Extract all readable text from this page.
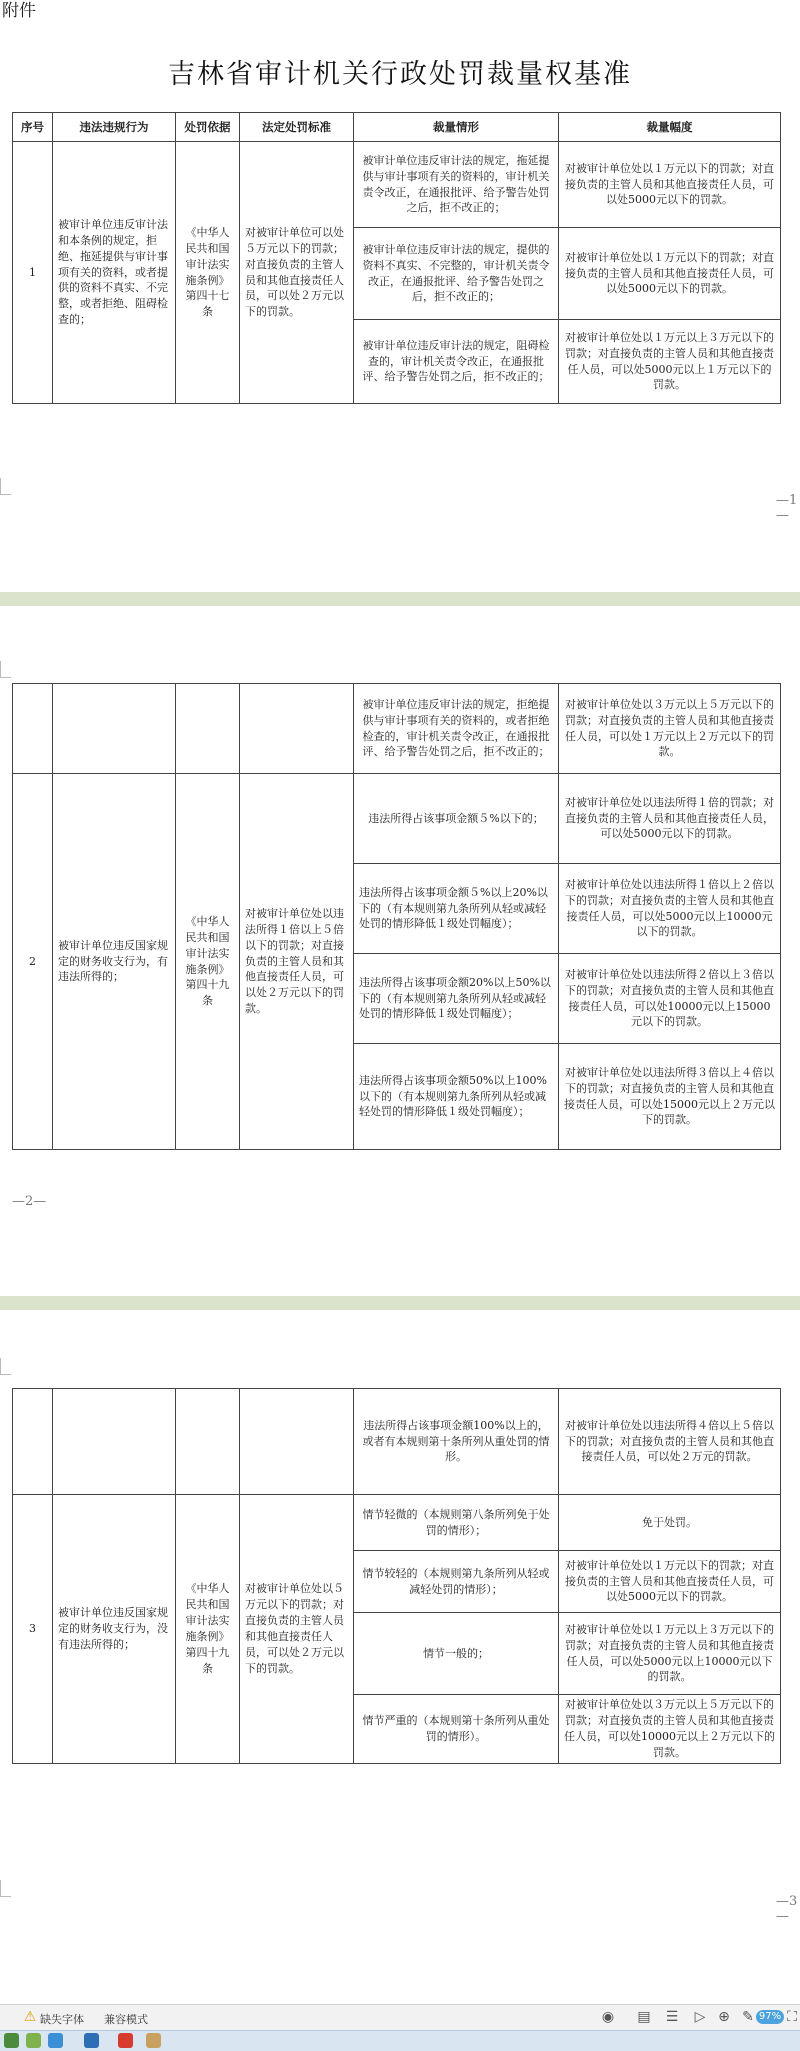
附件
吉林省审计机关行政处罚裁量权基准
序号	违法违规行为	处罚依据	法定处罚标准	裁量情形	裁量幅度
1	被审计单位违反审计法和本条例的规定，拒绝、拖延提供与审计事项有关的资料，或者提供的资料不真实、不完整，或者拒绝、阻碍检查的；	《中华人民共和国审计法实施条例》第四十七条	对被审计单位可以处５万元以下的罚款；对直接负责的主管人员和其他直接责任人员，可以处２万元以下的罚款。	被审计单位违反审计法的规定，拖延提供与审计事项有关的资料的，审计机关责令改正，在通报批评、给予警告处罚之后，拒不改正的；	对被审计单位处以１万元以下的罚款；对直接负责的主管人员和其他直接责任人员，可以处5000元以下的罚款。
				被审计单位违反审计法的规定，提供的资料不真实、不完整的，审计机关责令改正，在通报批评、给予警告处罚之后，拒不改正的；	对被审计单位处以１万元以下的罚款；对直接负责的主管人员和其他直接责任人员，可以处5000元以下的罚款。
				被审计单位违反审计法的规定，阻碍检查的，审计机关责令改正，在通报批评、给予警告处罚之后，拒不改正的；	对被审计单位处以１万元以上３万元以下的罚款；对直接负责的主管人员和其他直接责任人员，可以处5000元以上１万元以下的罚款。
—1—
				被审计单位违反审计法的规定，拒绝提供与审计事项有关的资料的，或者拒绝检查的，审计机关责令改正，在通报批评、给予警告处罚之后，拒不改正的；	对被审计单位处以３万元以上５万元以下的罚款；对直接负责的主管人员和其他直接责任人员，可以处１万元以上２万元以下的罚款。
2	被审计单位违反国家规定的财务收支行为，有违法所得的；	《中华人民共和国审计法实施条例》第四十九条	对被审计单位处以违法所得１倍以上５倍以下的罚款；对直接负责的主管人员和其他直接责任人员，可以处２万元以下的罚款。	违法所得占该事项金额５%以下的；	对被审计单位处以违法所得１倍的罚款；对直接负责的主管人员和其他直接责任人员，可以处5000元以下的罚款。
				违法所得占该事项金额５%以上20%以下的（有本规则第九条所列从轻或减轻处罚的情形降低１级处罚幅度）；	对被审计单位处以违法所得１倍以上２倍以下的罚款；对直接负责的主管人员和其他直接责任人员，可以处5000元以上10000元以下的罚款。
				违法所得占该事项金额20%以上50%以下的（有本规则第九条所列从轻或减轻处罚的情形降低１级处罚幅度）；	对被审计单位处以违法所得２倍以上３倍以下的罚款；对直接负责的主管人员和其他直接责任人员，可以处10000元以上15000元以下的罚款。
				违法所得占该事项金额50%以上100%以下的（有本规则第九条所列从轻或减轻处罚的情形降低１级处罚幅度）；	对被审计单位处以违法所得３倍以上４倍以下的罚款；对直接负责的主管人员和其他直接责任人员，可以处15000元以上２万元以下的罚款。
—2—
				违法所得占该事项金额100%以上的，或者有本规则第十条所列从重处罚的情形。	对被审计单位处以违法所得４倍以上５倍以下的罚款；对直接负责的主管人员和其他直接责任人员，可以处２万元的罚款。
3	被审计单位违反国家规定的财务收支行为，没有违法所得的；	《中华人民共和国审计法实施条例》第四十九条	对被审计单位处以５万元以下的罚款；对直接负责的主管人员和其他直接责任人员，可以处２万元以下的罚款。	情节轻微的（本规则第八条所列免于处罚的情形）；	免于处罚。
				情节较轻的（本规则第九条所列从轻或减轻处罚的情形）；	对被审计单位处以１万元以下的罚款；对直接负责的主管人员和其他直接责任人员，可以处5000元以下的罚款。
				情节一般的；	对被审计单位处以１万元以上３万元以下的罚款；对直接负责的主管人员和其他直接责任人员，可以处5000元以上10000元以下的罚款。
				情节严重的（本规则第十条所列从重处罚的情形）。	对被审计单位处以３万元以上５万元以下的罚款；对直接负责的主管人员和其他直接责任人员，可以处10000元以上２万元以下的罚款。
—3—
⚠ 缺失字体 兼容模式	◉ ▤ ☰ ▷ ⊕ ✎ 97% ⛶
